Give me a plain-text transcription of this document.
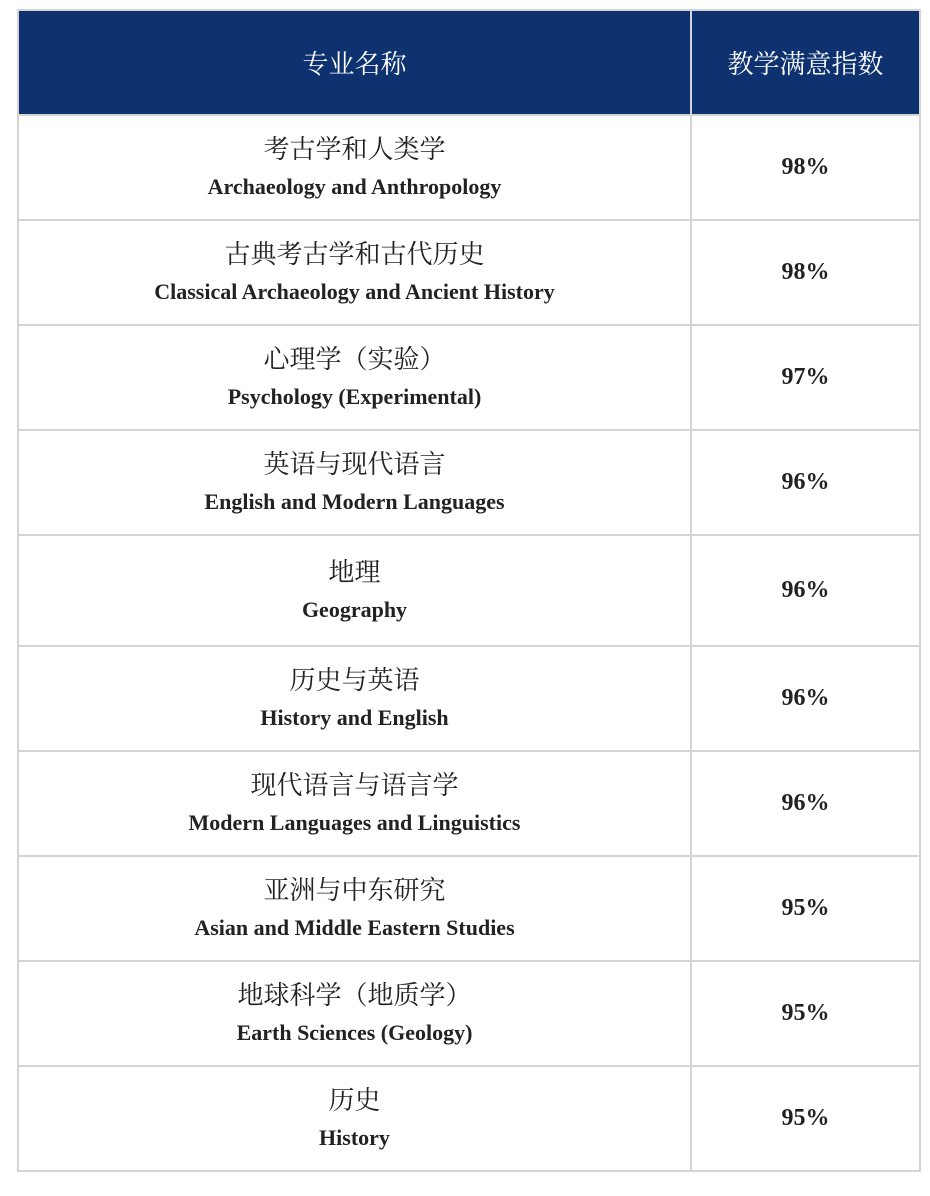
专业名称	教学满意指数

考古学和人类学
Archaeology and Anthropology	98%

古典考古学和古代历史
Classical Archaeology and Ancient History	98%

心理学（实验）
Psychology (Experimental)	97%

英语与现代语言
English and Modern Languages	96%

地理
Geography	96%

历史与英语
History and English	96%

现代语言与语言学
Modern Languages and Linguistics	96%

亚洲与中东研究
Asian and Middle Eastern Studies	95%

地球科学（地质学）
Earth Sciences (Geology)	95%

历史
History	95%
